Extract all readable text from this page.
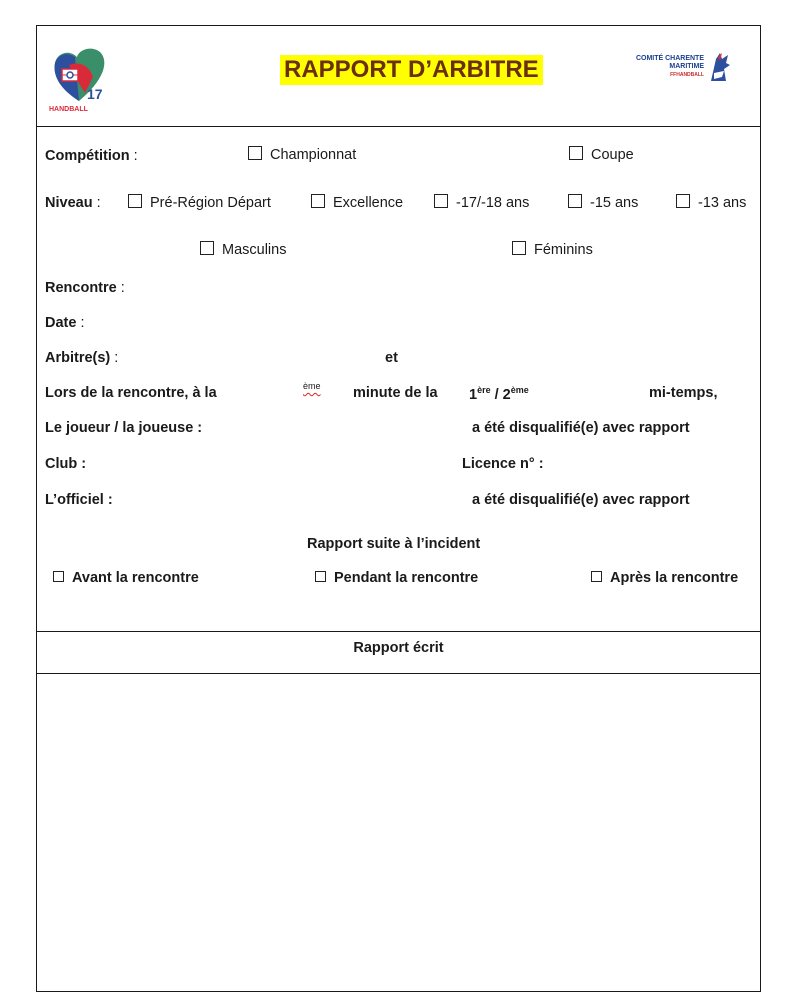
17
HANDBALL
RAPPORT D’ARBITRE	COMITÉ CHARENTE
MARITIME
FFHANDBALL
Compétition :	Championnat	Coupe
Niveau :	Pré-Région Départ	Excellence	-17/-18 ans	-15 ans	-13 ans
Masculins	Féminins
Rencontre :
Date :
Arbitre(s) :	et
Lors de la rencontre, à la	ème minute de la 1ère / 2ème	mi-temps,
Le joueur / la joueuse :	a été disqualifié(e) avec rapport
Club :	Licence n° :
L’officiel :	a été disqualifié(e) avec rapport
Rapport suite à l’incident
Avant la rencontre	Pendant la rencontre	Après la rencontre
Rapport écrit
